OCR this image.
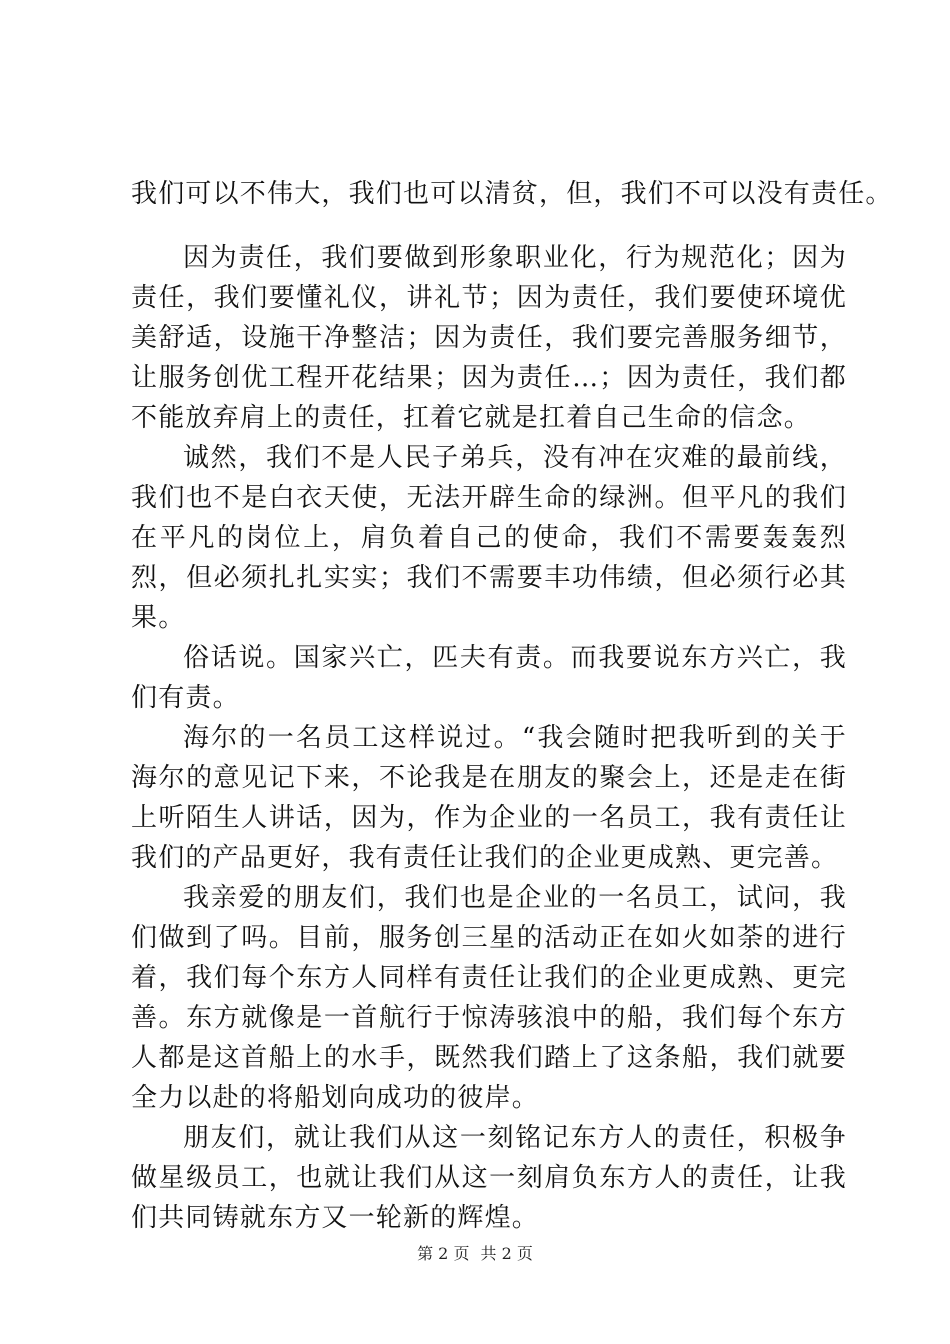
我们可以不伟大，我们也可以清贫，但，我们不可以没有责任。

因为责任，我们要做到形象职业化，行为规范化；因为责任，我们要懂礼仪，讲礼节；因为责任，我们要使环境优美舒适，设施干净整洁；因为责任，我们要完善服务细节，让服务创优工程开花结果；因为责任…；因为责任，我们都不能放弃肩上的责任，扛着它就是扛着自己生命的信念。

诚然，我们不是人民子弟兵，没有冲在灾难的最前线，我们也不是白衣天使，无法开辟生命的绿洲。但平凡的我们在平凡的岗位上，肩负着自己的使命，我们不需要轰轰烈烈，但必须扎扎实实；我们不需要丰功伟绩，但必须行必其果。

俗话说。国家兴亡，匹夫有责。而我要说东方兴亡，我们有责。

海尔的一名员工这样说过。“我会随时把我听到的关于海尔的意见记下来，不论我是在朋友的聚会上，还是走在街上听陌生人讲话，因为，作为企业的一名员工，我有责任让我们的产品更好，我有责任让我们的企业更成熟、更完善。

我亲爱的朋友们，我们也是企业的一名员工，试问，我们做到了吗。目前，服务创三星的活动正在如火如荼的进行着，我们每个东方人同样有责任让我们的企业更成熟、更完善。东方就像是一首航行于惊涛骇浪中的船，我们每个东方人都是这首船上的水手，既然我们踏上了这条船，我们就要全力以赴的将船划向成功的彼岸。

朋友们，就让我们从这一刻铭记东方人的责任，积极争做星级员工，也就让我们从这一刻肩负东方人的责任，让我们共同铸就东方又一轮新的辉煌。

第 2 页 共 2 页
